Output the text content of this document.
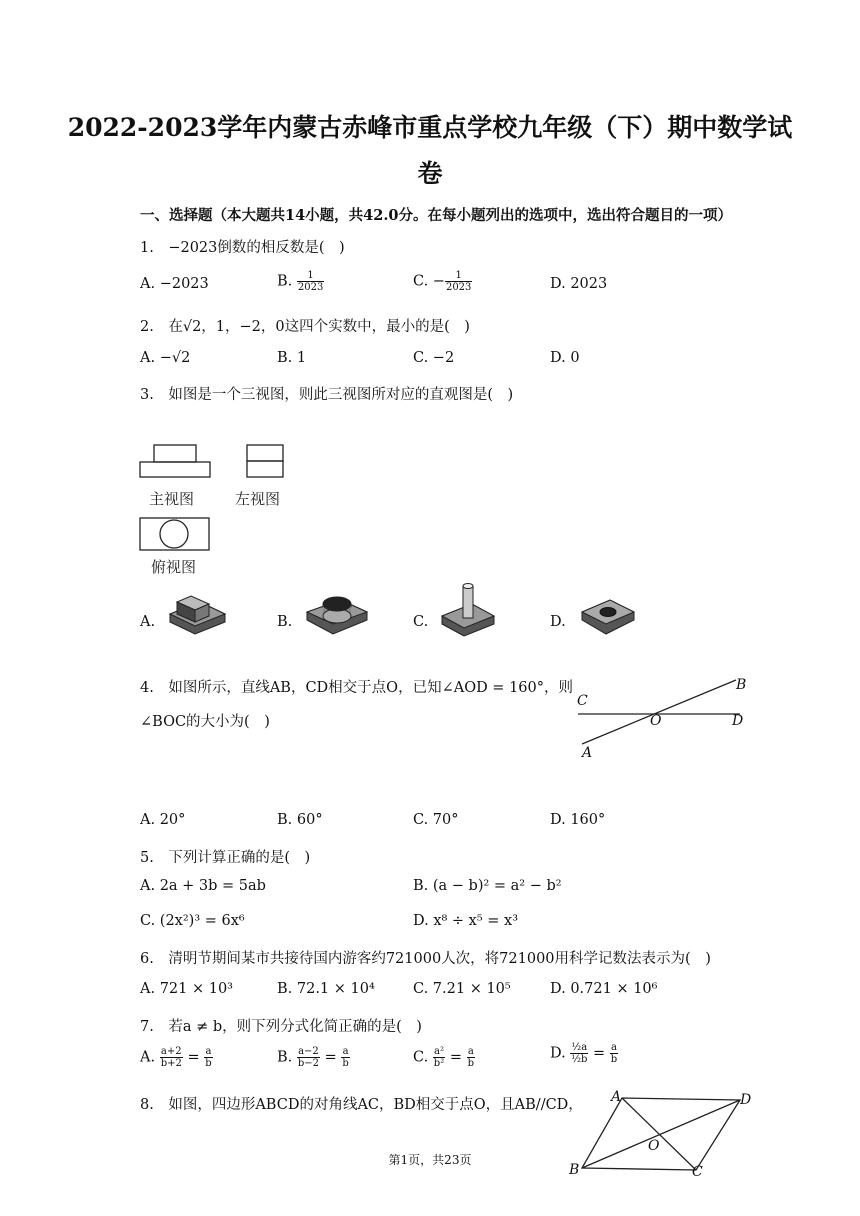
2022-2023学年内蒙古赤峰市重点学校九年级（下）期中数学试
卷
一、选择题（本大题共14小题，共42.0分。在每小题列出的选项中，选出符合题目的一项）
1.　−2023倒数的相反数是(　)
A. −2023	B. $\frac{1}{2023}$	C. − $\frac{1}{2023}$	D. 2023
2.　在√2，1，−2，0这四个实数中，最小的是(　)
A. −√2	B. 1	C. −2	D. 0
3.　如图是一个三视图，则此三视图所对应的直观图是(　)
主视图	左视图
俯视图
A.	B.	C.	D.
4.　如图所示，直线AB，CD相交于点O，已知∠AOD = 160°，则
∠BOC的大小为(　)
C
B
O	D
A
A. 20°	B. 60°	C. 70°	D. 160°
5.　下列计算正确的是(　)
A. 2a + 3b = 5ab	B. (a − b)² = a² − b²
C. (2x²)³ = 6x⁶	D. x⁸ ÷ x⁵ = x³
6.　清明节期间某市共接待国内游客约721000人次，将721000用科学记数法表示为(　)
A. 721 × 10³	B. 72.1 × 10⁴	C. 7.21 × 10⁵	D. 0.721 × 10⁶
7.　若a ≠ b，则下列分式化简正确的是(　)
A. $\frac{a+2}{b+2} = \frac{a}{b}$	B. $\frac{a-2}{b-2} = \frac{a}{b}$	C. $\frac{\text{a²}}{\text{b²}} = \frac{a}{b}$	D. $\frac{\text{½a}}{\text{½b}} = \frac{a}{b}$
8.　如图，四边形ABCD的对角线AC，BD相交于点O，且AB//CD， A	D
O
B	C
第1页，共23页
